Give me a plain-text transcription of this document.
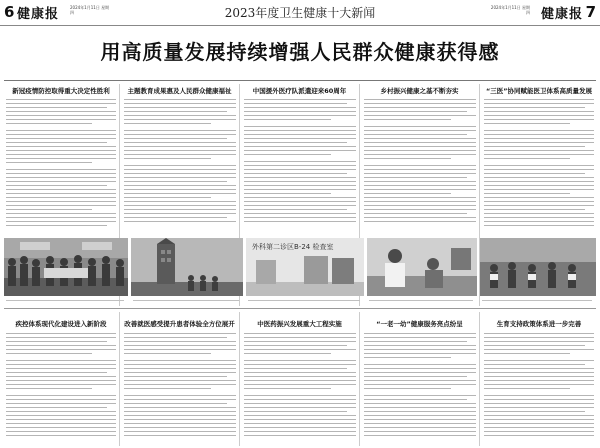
6 健康报	2024年1月11日 星期四	2023年度卫生健康十大新闻	2024年1月11日 星期四 健康报 7
用高质量发展持续增强人民群众健康获得感
新冠疫情防控取得重大决定性胜利	主题教育成果惠及人民群众健康福祉	中国援外医疗队派遣迎来60周年	乡村振兴健康之基不断夯实	“三医”协同赋能医卫体系高质量发展
外科第二诊区B-24 检查室
疾控体系现代化建设进入新阶段	改善就医感受提升患者体验全方位展开	中医药振兴发展重大工程实施	“一老一幼”健康服务亮点纷呈	生育支持政策体系进一步完善
